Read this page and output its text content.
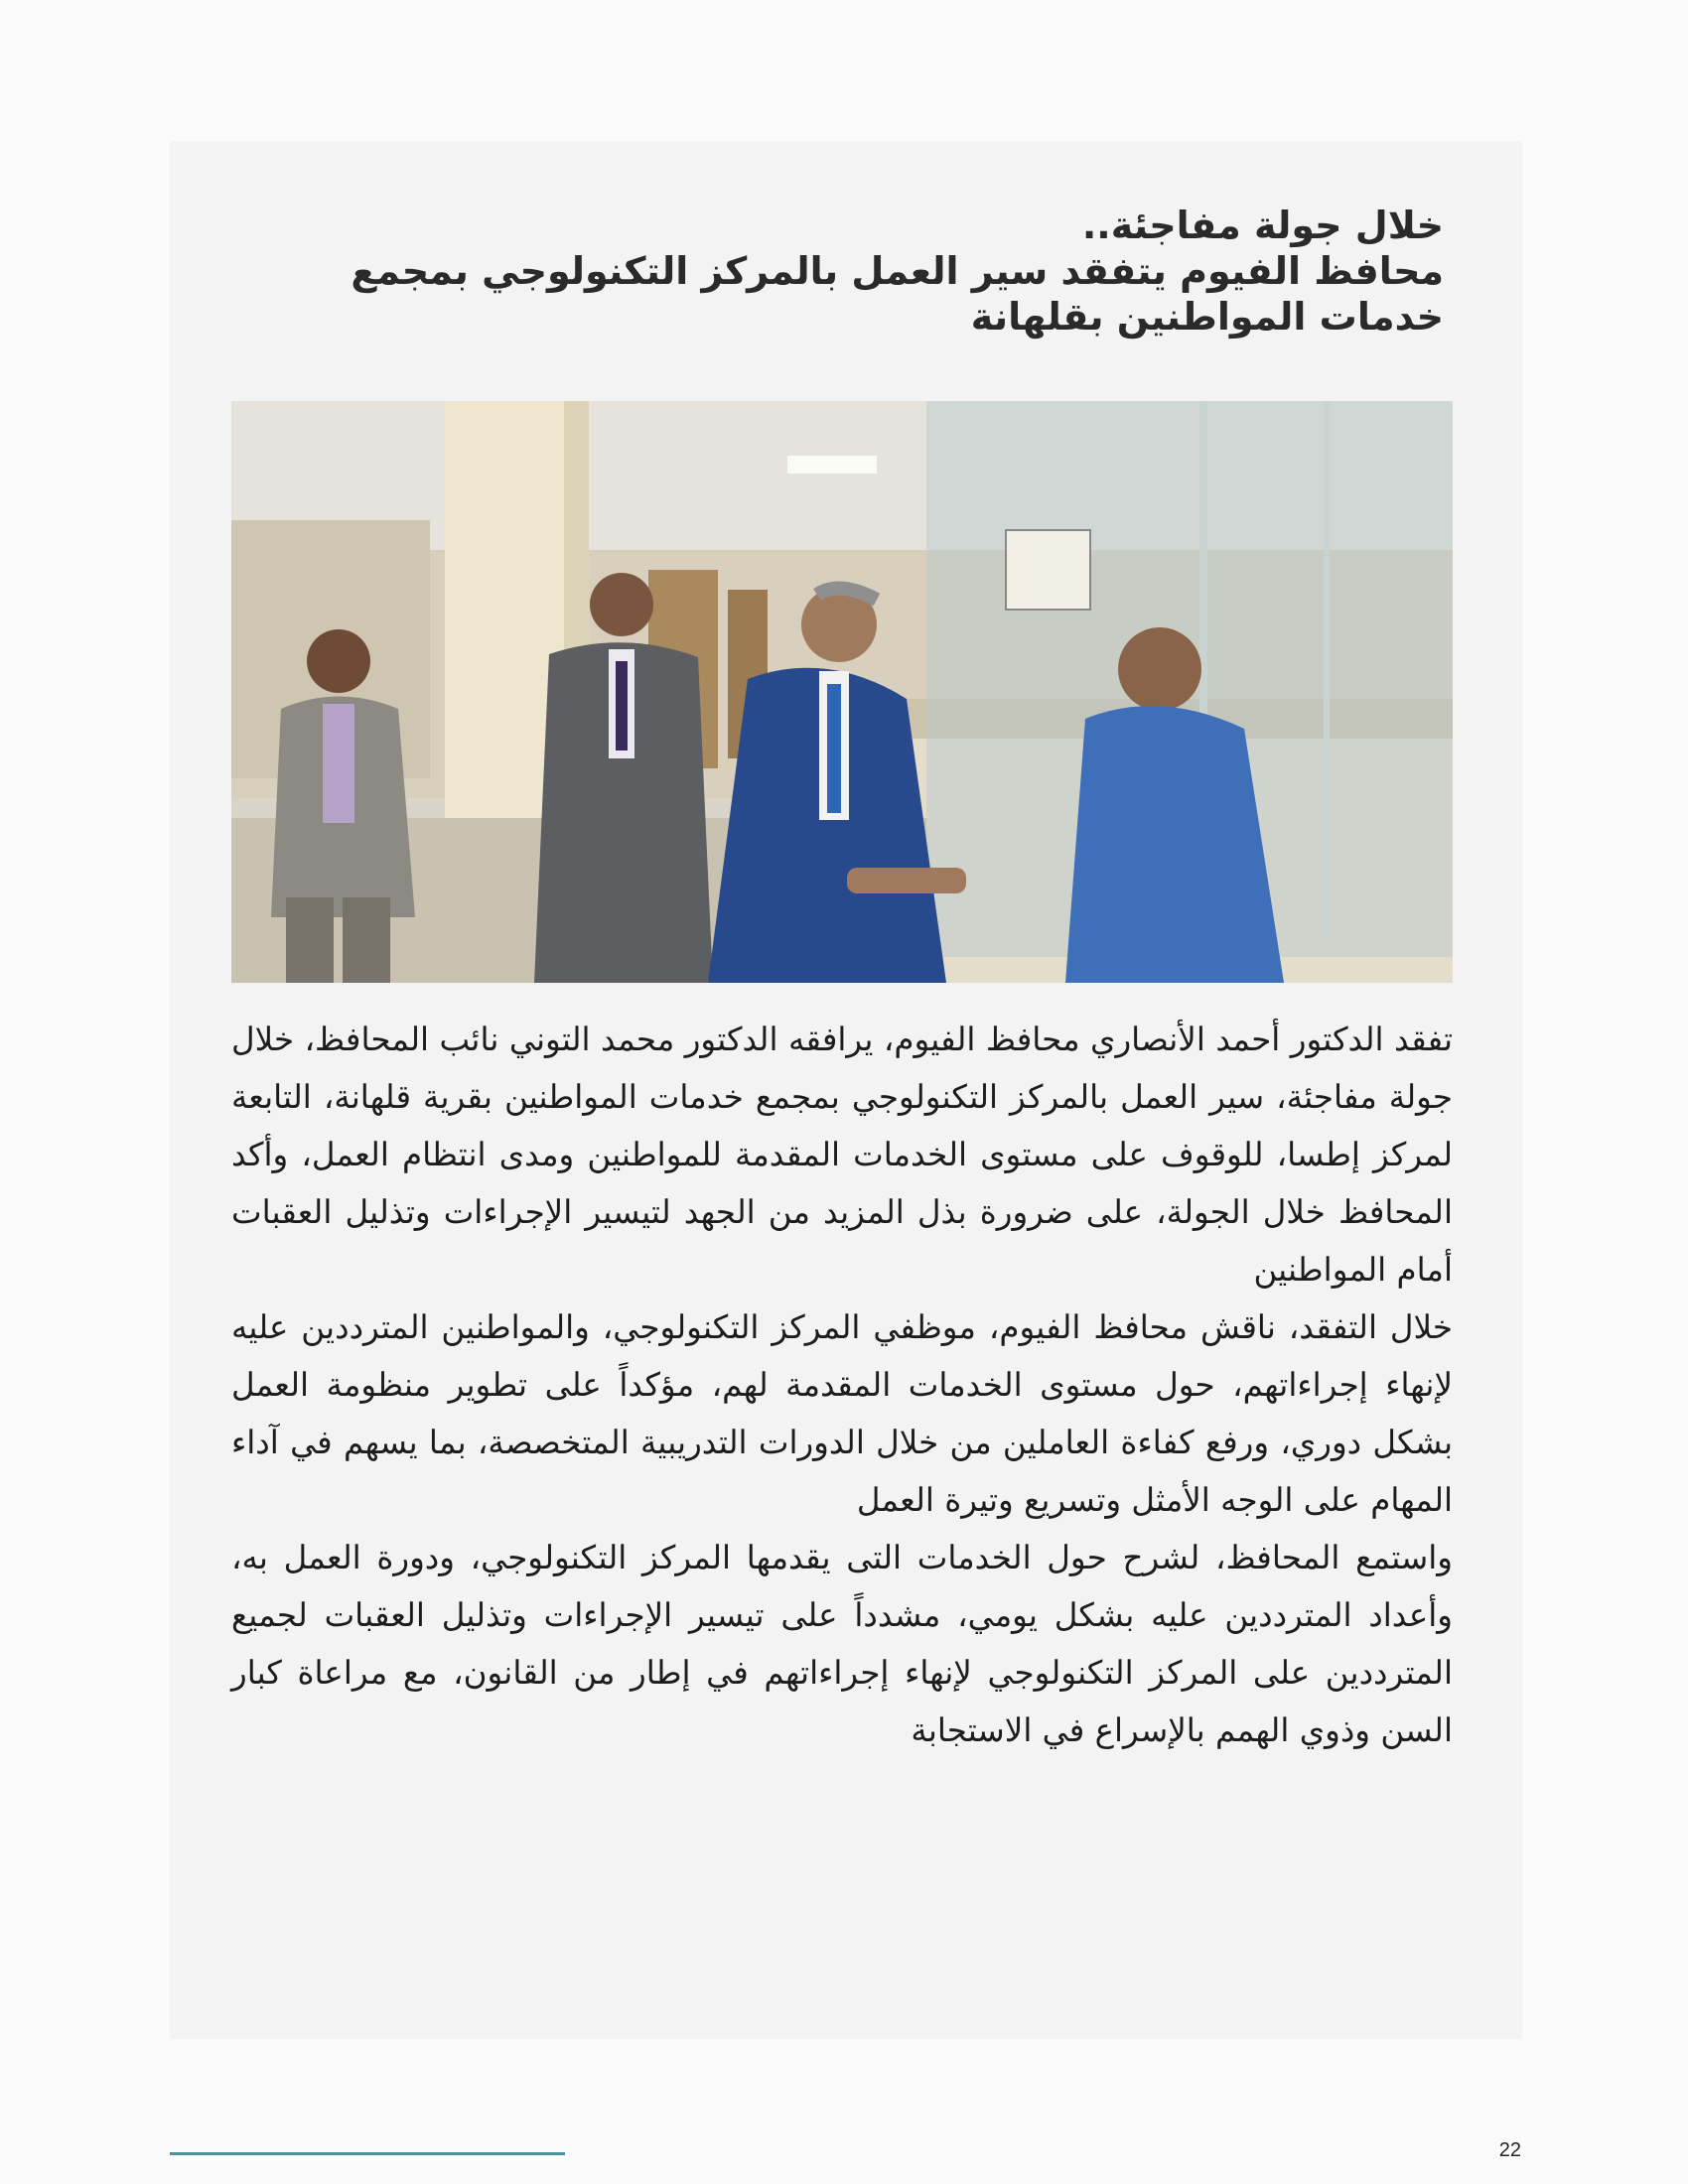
خلال جولة مفاجئة..
محافظ الفيوم يتفقد سير العمل بالمركز التكنولوجي بمجمع خدمات المواطنين بقلهانة

تفقد الدكتور أحمد الأنصاري محافظ الفيوم، يرافقه الدكتور محمد التوني نائب المحافظ، خلال جولة مفاجئة، سير العمل بالمركز التكنولوجي بمجمع خدمات المواطنين بقرية قلهانة، التابعة لمركز إطسا، للوقوف على مستوى الخدمات المقدمة للمواطنين ومدى انتظام العمل، وأكد المحافظ خلال الجولة، على ضرورة بذل المزيد من الجهد لتيسير الإجراءات وتذليل العقبات أمام المواطنين

خلال التفقد، ناقش محافظ الفيوم، موظفي المركز التكنولوجي، والمواطنين المترددين عليه لإنهاء إجراءاتهم، حول مستوى الخدمات المقدمة لهم، مؤكداً على تطوير منظومة العمل بشكل دوري، ورفع كفاءة العاملين من خلال الدورات التدريبية المتخصصة، بما يسهم في آداء المهام على الوجه الأمثل وتسريع وتيرة العمل

واستمع المحافظ، لشرح حول الخدمات التى يقدمها المركز التكنولوجي، ودورة العمل به، وأعداد المترددين عليه بشكل يومي، مشدداً على تيسير الإجراءات وتذليل العقبات لجميع المترددين على المركز التكنولوجي لإنهاء إجراءاتهم في إطار من القانون، مع مراعاة كبار السن وذوي الهمم بالإسراع في الاستجابة

22
